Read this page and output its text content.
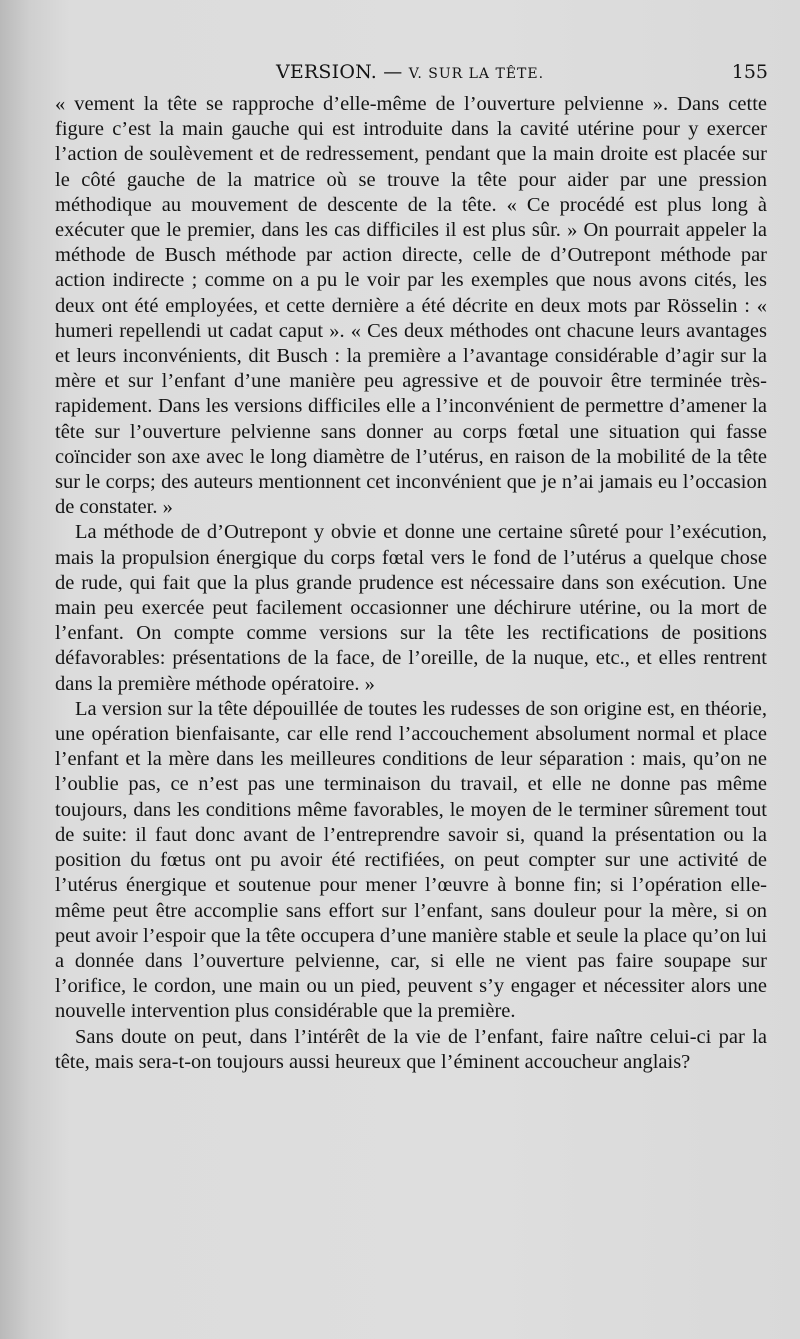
VERSION. — V. SUR LA TÊTE.	155

« vement la tête se rapproche d’elle-même de l’ouverture pelvienne ». Dans cette figure c’est la main gauche qui est introduite dans la cavité utérine pour y exercer l’action de soulèvement et de redressement, pendant que la main droite est placée sur le côté gauche de la matrice où se trouve la tête pour aider par une pression méthodique au mouvement de descente de la tête. « Ce procédé est plus long à exécuter que le premier, dans les cas difficiles il est plus sûr. » On pourrait appeler la méthode de Busch méthode par action directe, celle de d’Outrepont méthode par action indirecte ; comme on a pu le voir par les exemples que nous avons cités, les deux ont été employées, et cette dernière a été décrite en deux mots par Rösselin : « humeri repellendi ut cadat caput ». « Ces deux méthodes ont chacune leurs avantages et leurs inconvénients, dit Busch : la première a l’avantage considérable d’agir sur la mère et sur l’enfant d’une manière peu agressive et de pouvoir être terminée très-rapidement. Dans les versions difficiles elle a l’inconvénient de permettre d’amener la tête sur l’ouverture pelvienne sans donner au corps fœtal une situation qui fasse coïncider son axe avec le long diamètre de l’utérus, en raison de la mobilité de la tête sur le corps; des auteurs mentionnent cet inconvénient que je n’ai jamais eu l’occasion de constater. »

La méthode de d’Outrepont y obvie et donne une certaine sûreté pour l’exécution, mais la propulsion énergique du corps fœtal vers le fond de l’utérus a quelque chose de rude, qui fait que la plus grande prudence est nécessaire dans son exécution. Une main peu exercée peut facilement occasionner une déchirure utérine, ou la mort de l’enfant. On compte comme versions sur la tête les rectifications de positions défavorables: présentations de la face, de l’oreille, de la nuque, etc., et elles rentrent dans la première méthode opératoire. »

La version sur la tête dépouillée de toutes les rudesses de son origine est, en théorie, une opération bienfaisante, car elle rend l’accouchement absolument normal et place l’enfant et la mère dans les meilleures conditions de leur séparation : mais, qu’on ne l’oublie pas, ce n’est pas une terminaison du travail, et elle ne donne pas même toujours, dans les conditions même favorables, le moyen de le terminer sûrement tout de suite: il faut donc avant de l’entreprendre savoir si, quand la présentation ou la position du fœtus ont pu avoir été rectifiées, on peut compter sur une activité de l’utérus énergique et soutenue pour mener l’œuvre à bonne fin; si l’opération elle-même peut être accomplie sans effort sur l’enfant, sans douleur pour la mère, si on peut avoir l’espoir que la tête occupera d’une manière stable et seule la place qu’on lui a donnée dans l’ouverture pelvienne, car, si elle ne vient pas faire soupape sur l’orifice, le cordon, une main ou un pied, peuvent s’y engager et nécessiter alors une nouvelle intervention plus considérable que la première.

Sans doute on peut, dans l’intérêt de la vie de l’enfant, faire naître celui-ci par la tête, mais sera-t-on toujours aussi heureux que l’éminent accoucheur anglais?
